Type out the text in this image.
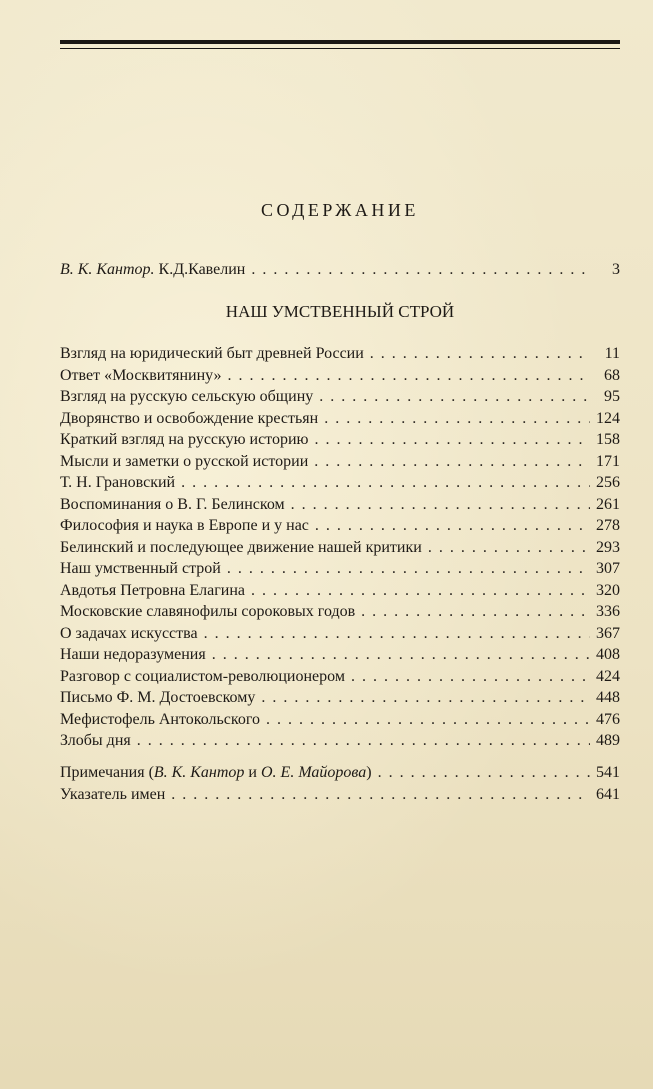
СОДЕРЖАНИЕ
В. К. Кантор. К.Д.Кавелин . . .	3
НАШ УМСТВЕННЫЙ СТРОЙ
Взгляд на юридический быт древней России . . .	11
Ответ «Москвитянину» . . .	68
Взгляд на русскую сельскую общину . . .	95
Дворянство и освобождение крестьян . . .	124
Краткий взгляд на русскую историю . . .	158
Мысли и заметки о русской истории . . .	171
Т. Н. Грановский . . .	256
Воспоминания о В. Г. Белинском . . .	261
Философия и наука в Европе и у нас . . .	278
Белинский и последующее движение нашей критики . . .	293
Наш умственный строй . . .	307
Авдотья Петровна Елагина . . .	320
Московские славянофилы сороковых годов . . .	336
О задачах искусства . . .	367
Наши недоразумения . . .	408
Разговор с социалистом-революционером . . .	424
Письмо Ф. М. Достоевскому . . .	448
Мефистофель Антокольского . . .	476
Злобы дня . . .	489
Примечания (В. К. Кантор и О. Е. Майорова) . . .	541
Указатель имен . . .	641
